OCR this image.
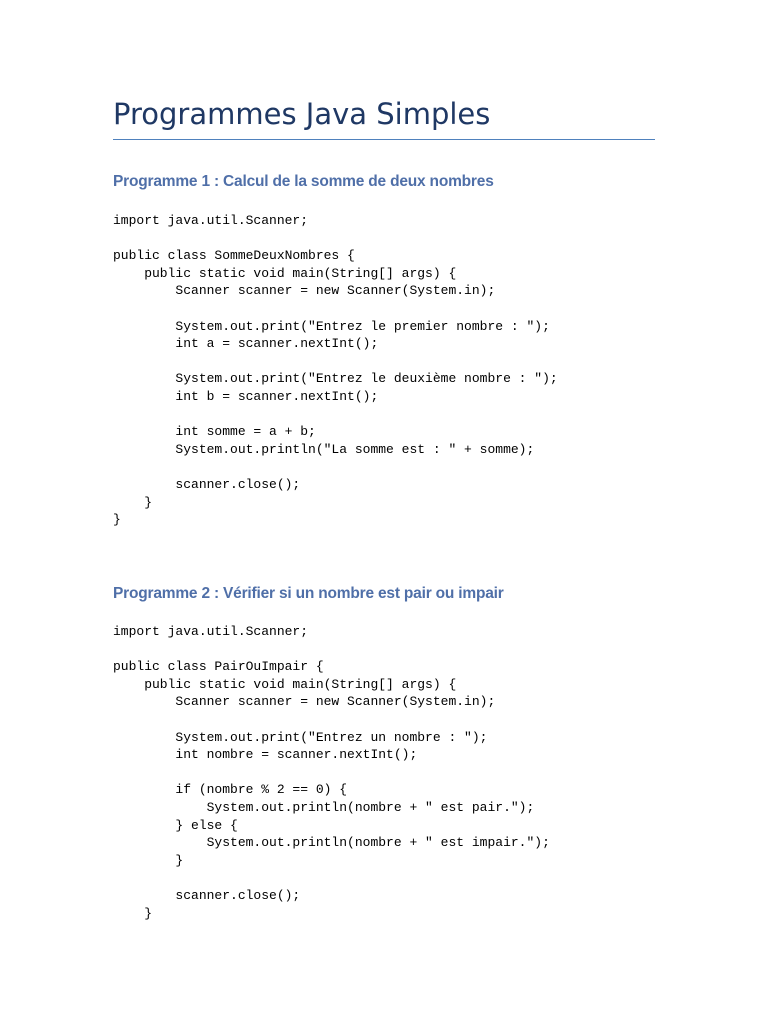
Programmes Java Simples
Programme 1 : Calcul de la somme de deux nombres
import java.util.Scanner;
public class SommeDeuxNombres {
public static void main(String[] args) {
Scanner scanner = new Scanner(System.in);
System.out.print("Entrez le premier nombre : ");
int a = scanner.nextInt();
System.out.print("Entrez le deuxième nombre : ");
int b = scanner.nextInt();
int somme = a + b;
System.out.println("La somme est : " + somme);
scanner.close();
}
}
Programme 2 : Vérifier si un nombre est pair ou impair
import java.util.Scanner;
public class PairOuImpair {
public static void main(String[] args) {
Scanner scanner = new Scanner(System.in);
System.out.print("Entrez un nombre : ");
int nombre = scanner.nextInt();
if (nombre % 2 == 0) {
System.out.println(nombre + " est pair.");
} else {
System.out.println(nombre + " est impair.");
}
scanner.close();
}
